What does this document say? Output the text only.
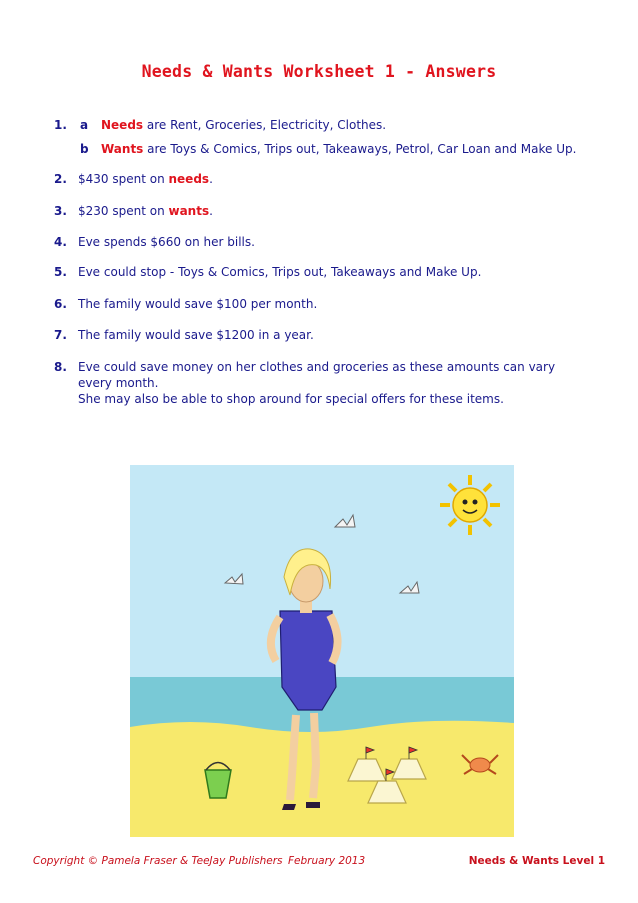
Needs & Wants Worksheet 1 - Answers
1. a Needs are Rent, Groceries, Electricity, Clothes.
b Wants are Toys & Comics, Trips out, Takeaways, Petrol, Car Loan and Make Up.
2. $430 spent on needs.
3. $230 spent on wants.
4. Eve spends $660 on her bills.
5. Eve could stop - Toys & Comics, Trips out, Takeaways and Make Up.
6. The family would save $100 per month.
7. The family would save $1200 in a year.
8. Eve could save money on her clothes and groceries as these amounts can vary
every month.
She may also be able to shop around for special offers for these items.
Copyright © Pamela Fraser & TeeJay Publishers February 2013	Needs & Wants Level 1
